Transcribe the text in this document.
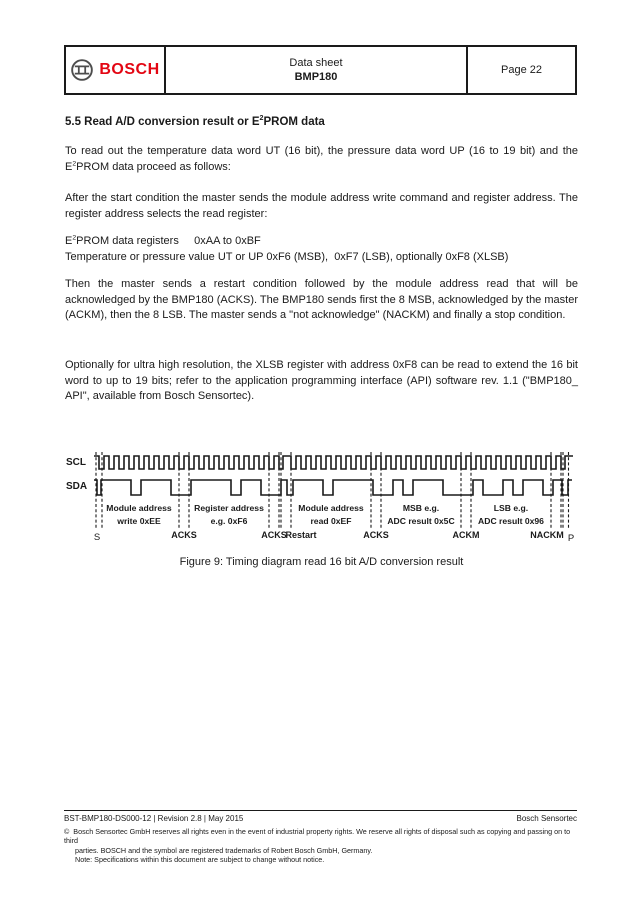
BOSCH	Data sheet
BMP180
Page 22
5.5 Read A/D conversion result or $E^2PROM$ data

To read out the temperature data word UT (16 bit), the pressure data word UP (16 to 19 bit) and the $E^2PROM$ data proceed as follows:

After the start condition the master sends the module address write command and register address. The register address selects the read register:

$E^2PROM$ data registers     0xAA to 0xBF
Temperature or pressure value UT or UP 0xF6 (MSB),  0xF7 (LSB), optionally 0xF8 (XLSB)

Then the master sends a restart condition followed by the module address read that will be acknowledged by the BMP180 (ACKS). The BMP180 sends first the 8 MSB, acknowledged by the master (ACKM), then the 8 LSB. The master sends a "not acknowledge" (NACKM) and finally a stop condition.

Optionally for ultra high resolution, the XLSB register with address 0xF8 can be read to extend the 16 bit word to up to 19 bits; refer to the application programming interface (API) software rev. 1.1 ("BMP180_ API", available from Bosch Sensortec).

SCL
SDA
S
Module address
write 0xEE
ACKS
Register address
e.g. 0xF6
ACKS
Restart
Module address
read 0xEF
ACKS
MSB e.g.
ADC result 0x5C
ACKM
LSB e.g.
ADC result 0x96
NACKM P
Figure 9: Timing diagram read 16 bit A/D conversion result
BST-BMP180-DS000-12 | Revision 2.8 | May 2015	Bosch Sensortec
© Bosch Sensortec GmbH reserves all rights even in the event of industrial property rights. We reserve all rights of disposal such as copying and passing on to third
parties. BOSCH and the symbol are registered trademarks of Robert Bosch GmbH, Germany.
Note: Specifications within this document are subject to change without notice.
